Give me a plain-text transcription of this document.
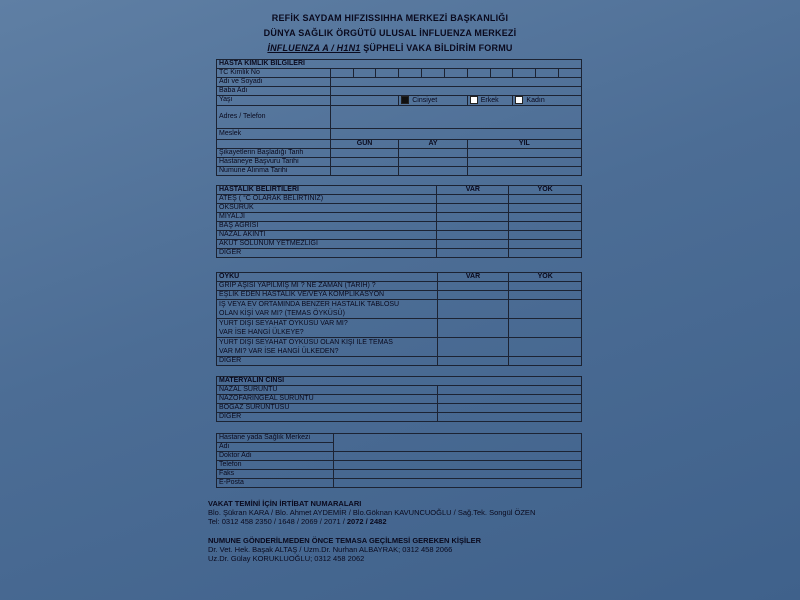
REFİK SAYDAM HIFZISSIHHA MERKEZİ BAŞKANLIĞI
DÜNYA SAĞLIK ÖRGÜTÜ ULUSAL İNFLUENZA MERKEZİ
İNFLUENZA A / H1N1 ŞÜPHELİ VAKA BİLDİRİM FORMU
HASTA KİMLİK BİLGİLERİ											
TC Kimlik No											
Adı ve Soyadı											
Baba Adı											
Yaşı				Cinsiyet			Erkek		Kadın		
Adres / Telefon											
Meslek											
	GÜN			AY			YIL				
Şikayetlerin Başladığı Tarih											
Hastaneye Başvuru Tarihi											
Numune Alınma Tarihi											
HASTALIK BELİRTİLERİ	VAR	YOK
ATEŞ ( °C OLARAK BELİRTİNİZ)		
ÖKSÜRÜK		
MİYALJİ		
BAŞ AĞRISI		
NAZAL AKINTI		
AKUT SOLUNUM YETMEZLİĞİ		
DİĞER		
ÖYKÜ	VAR	YOK
GRİP AŞISI YAPILMIŞ MI ? NE ZAMAN (TARİH) ?		
EŞLİK EDEN HASTALIK VE/VEYA KOMPLİKASYON		
İŞ VEYA EV ORTAMINDA BENZER HASTALIK TABLOSU
OLAN KİŞİ VAR MI? (TEMAS ÖYKÜSÜ)		
YURT DIŞI SEYAHAT ÖYKÜSÜ VAR MI?
VAR İSE HANGİ ÜLKEYE?		
YURT DIŞI SEYAHAT ÖYKÜSÜ OLAN KİŞİ İLE TEMAS
VAR MI? VAR İSE HANGİ ÜLKEDEN?		
DİĞER		
MATERYALİN CİNSİ	
NAZAL SÜRÜNTÜ	
NAZOFARİNGEAL SÜRÜNTÜ	
BOĞAZ SÜRÜNTÜSÜ	
DİĞER	
Hastane yada Sağlık Merkezi	
Adı	
Doktor Adı	
Telefon	
Faks	
E-Posta	
VAKAT TEMİNİ İÇİN İRTİBAT NUMARALARI
Blo. Şükran KARA / Blo. Ahmet AYDEMİR / Blo.Göknan KAVUNCUOĞLU / Sağ.Tek. Songül ÖZEN
Tel: 0312 458 2350 / 1648 / 2069 / 2071 / 2072 / 2482
NUMUNE GÖNDERİLMEDEN ÖNCE TEMASA GEÇİLMESİ GEREKEN KİŞİLER
Dr. Vet. Hek. Başak ALTAŞ / Uzm.Dr. Nurhan ALBAYRAK; 0312 458 2066
Uz.Dr. Gülay KORUKLUOĞLU; 0312 458 2062
